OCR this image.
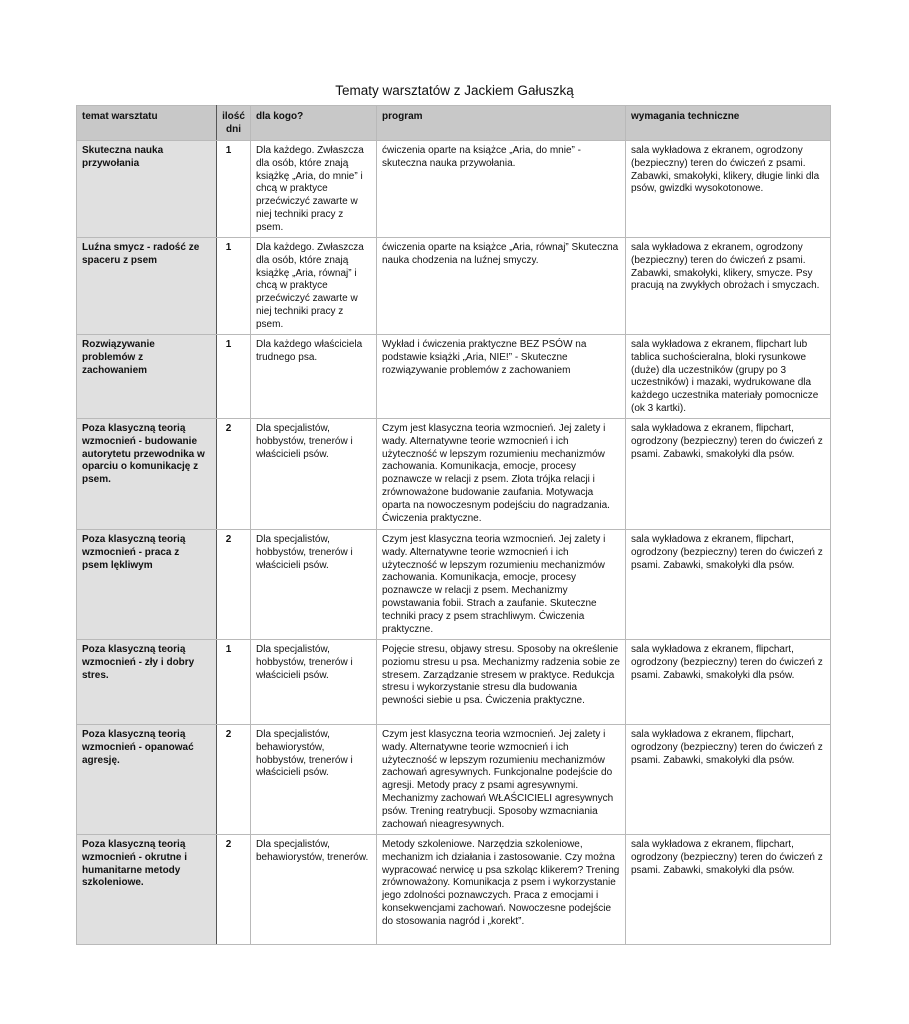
Tematy warsztatów z Jackiem Gałuszką
temat warsztatu	ilość dni	dla kogo?	program	wymagania techniczne
Skuteczna nauka przywołania	1	Dla każdego. Zwłaszcza dla osób, które znają książkę „Aria, do mnie” i chcą w praktyce przećwiczyć zawarte w niej techniki pracy z psem.	ćwiczenia oparte na książce „Aria, do mnie” - skuteczna nauka przywołania.	sala wykładowa z ekranem, ogrodzony (bezpieczny) teren do ćwiczeń z psami. Zabawki, smakołyki, klikery, długie linki dla psów, gwizdki wysokotonowe.
Luźna smycz - radość ze spaceru z psem	1	Dla każdego. Zwłaszcza dla osób, które znają książkę „Aria, równaj” i chcą w praktyce przećwiczyć zawarte w niej techniki pracy z psem.	ćwiczenia oparte na książce „Aria, równaj” Skuteczna nauka chodzenia na luźnej smyczy.	sala wykładowa z ekranem, ogrodzony (bezpieczny) teren do ćwiczeń z psami. Zabawki, smakołyki, klikery, smycze. Psy pracują na zwykłych obrożach i smyczach.
Rozwiązywanie problemów z zachowaniem	1	Dla każdego właściciela trudnego psa.	Wykład i ćwiczenia praktyczne BEZ PSÓW na podstawie książki „Aria, NIE!” - Skuteczne rozwiązywanie problemów z zachowaniem	sala wykładowa z ekranem, flipchart lub tablica suchościeralna, bloki rysunkowe (duże) dla uczestników (grupy po 3 uczestników) i mazaki, wydrukowane dla każdego uczestnika materiały pomocnicze (ok 3 kartki).
Poza klasyczną teorią wzmocnień - budowanie autorytetu przewodnika w oparciu o komunikację z psem.	2	Dla specjalistów, hobbystów, trenerów i właścicieli psów.	Czym jest klasyczna teoria wzmocnień. Jej zalety i wady. Alternatywne teorie wzmocnień i ich użyteczność w lepszym rozumieniu mechanizmów zachowania. Komunikacja, emocje, procesy poznawcze w relacji z psem. Złota trójka relacji i zrównoważone budowanie zaufania. Motywacja oparta na nowoczesnym podejściu do nagradzania. Ćwiczenia praktyczne.	sala wykładowa z ekranem, flipchart, ogrodzony (bezpieczny) teren do ćwiczeń z psami. Zabawki, smakołyki dla psów.
Poza klasyczną teorią wzmocnień - praca z psem lękliwym	2	Dla specjalistów, hobbystów, trenerów i właścicieli psów.	Czym jest klasyczna teoria wzmocnień. Jej zalety i wady. Alternatywne teorie wzmocnień i ich użyteczność w lepszym rozumieniu mechanizmów zachowania. Komunikacja, emocje, procesy poznawcze w relacji z psem. Mechanizmy powstawania fobii. Strach a zaufanie. Skuteczne techniki pracy z psem strachliwym. Ćwiczenia praktyczne.	sala wykładowa z ekranem, flipchart, ogrodzony (bezpieczny) teren do ćwiczeń z psami. Zabawki, smakołyki dla psów.
Poza klasyczną teorią wzmocnień - zły i dobry stres.	1	Dla specjalistów, hobbystów, trenerów i właścicieli psów.	Pojęcie stresu, objawy stresu. Sposoby na określenie poziomu stresu u psa. Mechanizmy radzenia sobie ze stresem. Zarządzanie stresem w praktyce. Redukcja stresu i wykorzystanie stresu dla budowania pewności siebie u psa. Ćwiczenia praktyczne.	sala wykładowa z ekranem, flipchart, ogrodzony (bezpieczny) teren do ćwiczeń z psami. Zabawki, smakołyki dla psów.
Poza klasyczną teorią wzmocnień - opanować agresję.	2	Dla specjalistów, behawiorystów, hobbystów, trenerów i właścicieli psów.	Czym jest klasyczna teoria wzmocnień. Jej zalety i wady. Alternatywne teorie wzmocnień i ich użyteczność w lepszym rozumieniu mechanizmów zachowań agresywnych. Funkcjonalne podejście do agresji. Metody pracy z psami agresywnymi. Mechanizmy zachowań WŁAŚCICIELI agresywnych psów. Trening reatrybucji. Sposoby wzmacniania zachowań nieagresywnych.	sala wykładowa z ekranem, flipchart, ogrodzony (bezpieczny) teren do ćwiczeń z psami. Zabawki, smakołyki dla psów.
Poza klasyczną teorią wzmocnień - okrutne i humanitarne metody szkoleniowe.	2	Dla specjalistów, behawiorystów, trenerów.	Metody szkoleniowe. Narzędzia szkoleniowe, mechanizm ich działania i zastosowanie. Czy można wypracować nerwicę u psa szkoląc klikerem? Trening zrównoważony. Komunikacja z psem i wykorzystanie jego zdolności poznawczych. Praca z emocjami i konsekwencjami zachowań. Nowoczesne podejście do stosowania nagród i „korekt”.	sala wykładowa z ekranem, flipchart, ogrodzony (bezpieczny) teren do ćwiczeń z psami. Zabawki, smakołyki dla psów.
